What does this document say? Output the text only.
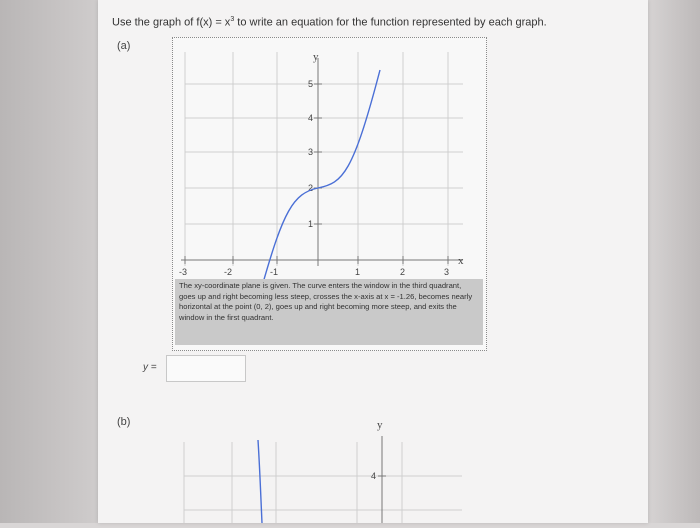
Use the graph of $f(x) = x^3$ to write an equation for the function represented by each graph.
(a)
y
x
5
4
3
2
1
-3	-2	-1	1	2	3
The xy-coordinate plane is given. The curve enters the window in the third quadrant, goes up and right becoming less steep, crosses the x-axis at x = -1.26, becomes nearly horizontal at the point (0, 2), goes up and right becoming more steep, and exits the window in the first quadrant.
y =
(b)	y
4
